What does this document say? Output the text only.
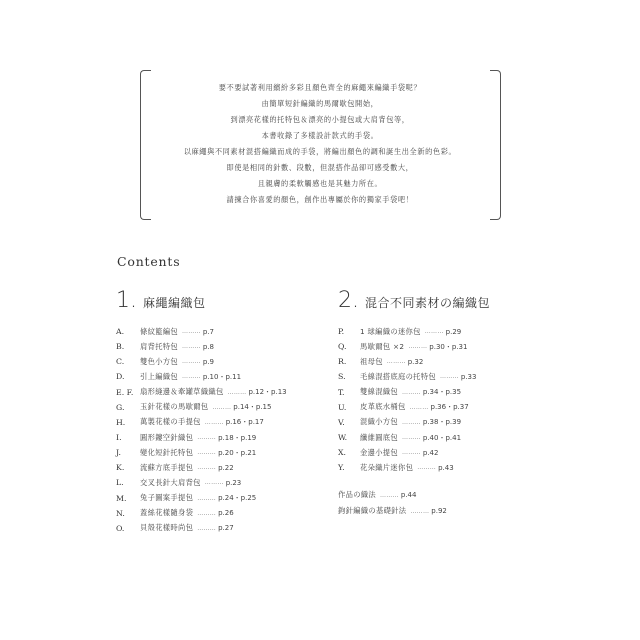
要不要試著利用繽紛多彩且顏色齊全的麻繩來編織手袋呢？
由簡單短針編織的馬爾歇包開始，
到漂亮花樣的托特包＆漂亮的小提包或大肩背包等，
本書收錄了多樣設計款式的手袋。
以麻繩與不同素材混搭編織而成的手袋，將編出顏色的調和誕生出全新的色彩。
即使是相同的針數、段數，但混搭作品卻可感受數大，
且親膚的柔軟觸感也是其魅力所在。
請揀合你喜愛的顏色，創作出專屬於你的獨家手袋吧！
Contents
1. 麻繩編織包
A.	條紋籃編包 ……… p.7
B.	肩背托特包 ……… p.8
C.	雙色小方包 ……… p.9
D.	引上編織包 ……… p.10・p.11
E. F. 扇形縫邊＆牽罐草織織包 ……… p.12・p.13
G.	玉針花樣の馬歇爾包 ……… p.14・p.15
H.	萬製花樣の手提包 ……… p.16・p.17
I.	圓形鏤空針織包 ……… p.18・p.19
J.	變化短針托特包 ……… p.20・p.21
K.	流蘇方底手提包 ……… p.22
L.	交叉長針大肩背包 ……… p.23
M.	兔子圖案手提包 ……… p.24・p.25
N.	蓋絲花樣隨身袋 ……… p.26
O.	貝殼花樣時尚包 ……… p.27
2. 混合不同素材の編織包
P.	1 球編織の迷你包 ……… p.29
Q.	馬歇爾包 ×2 ……… p.30・p.31
R.	祖母包 ……… p.32
S.	毛線混搭底庭の托特包 ……… p.33
T.	雙線混織包 ……… p.34・p.35
U.	皮革底水桶包 ……… p.36・p.37
V.	混織小方包 ……… p.38・p.39
W.	纖維圓底包 ……… p.40・p.41
X.	金邊小提包 ……… p.42
Y.	花朵織片迷你包 ……… p.43
作品の織法 ……… p.44
鉤針編織の基礎針法 ……… p.92
